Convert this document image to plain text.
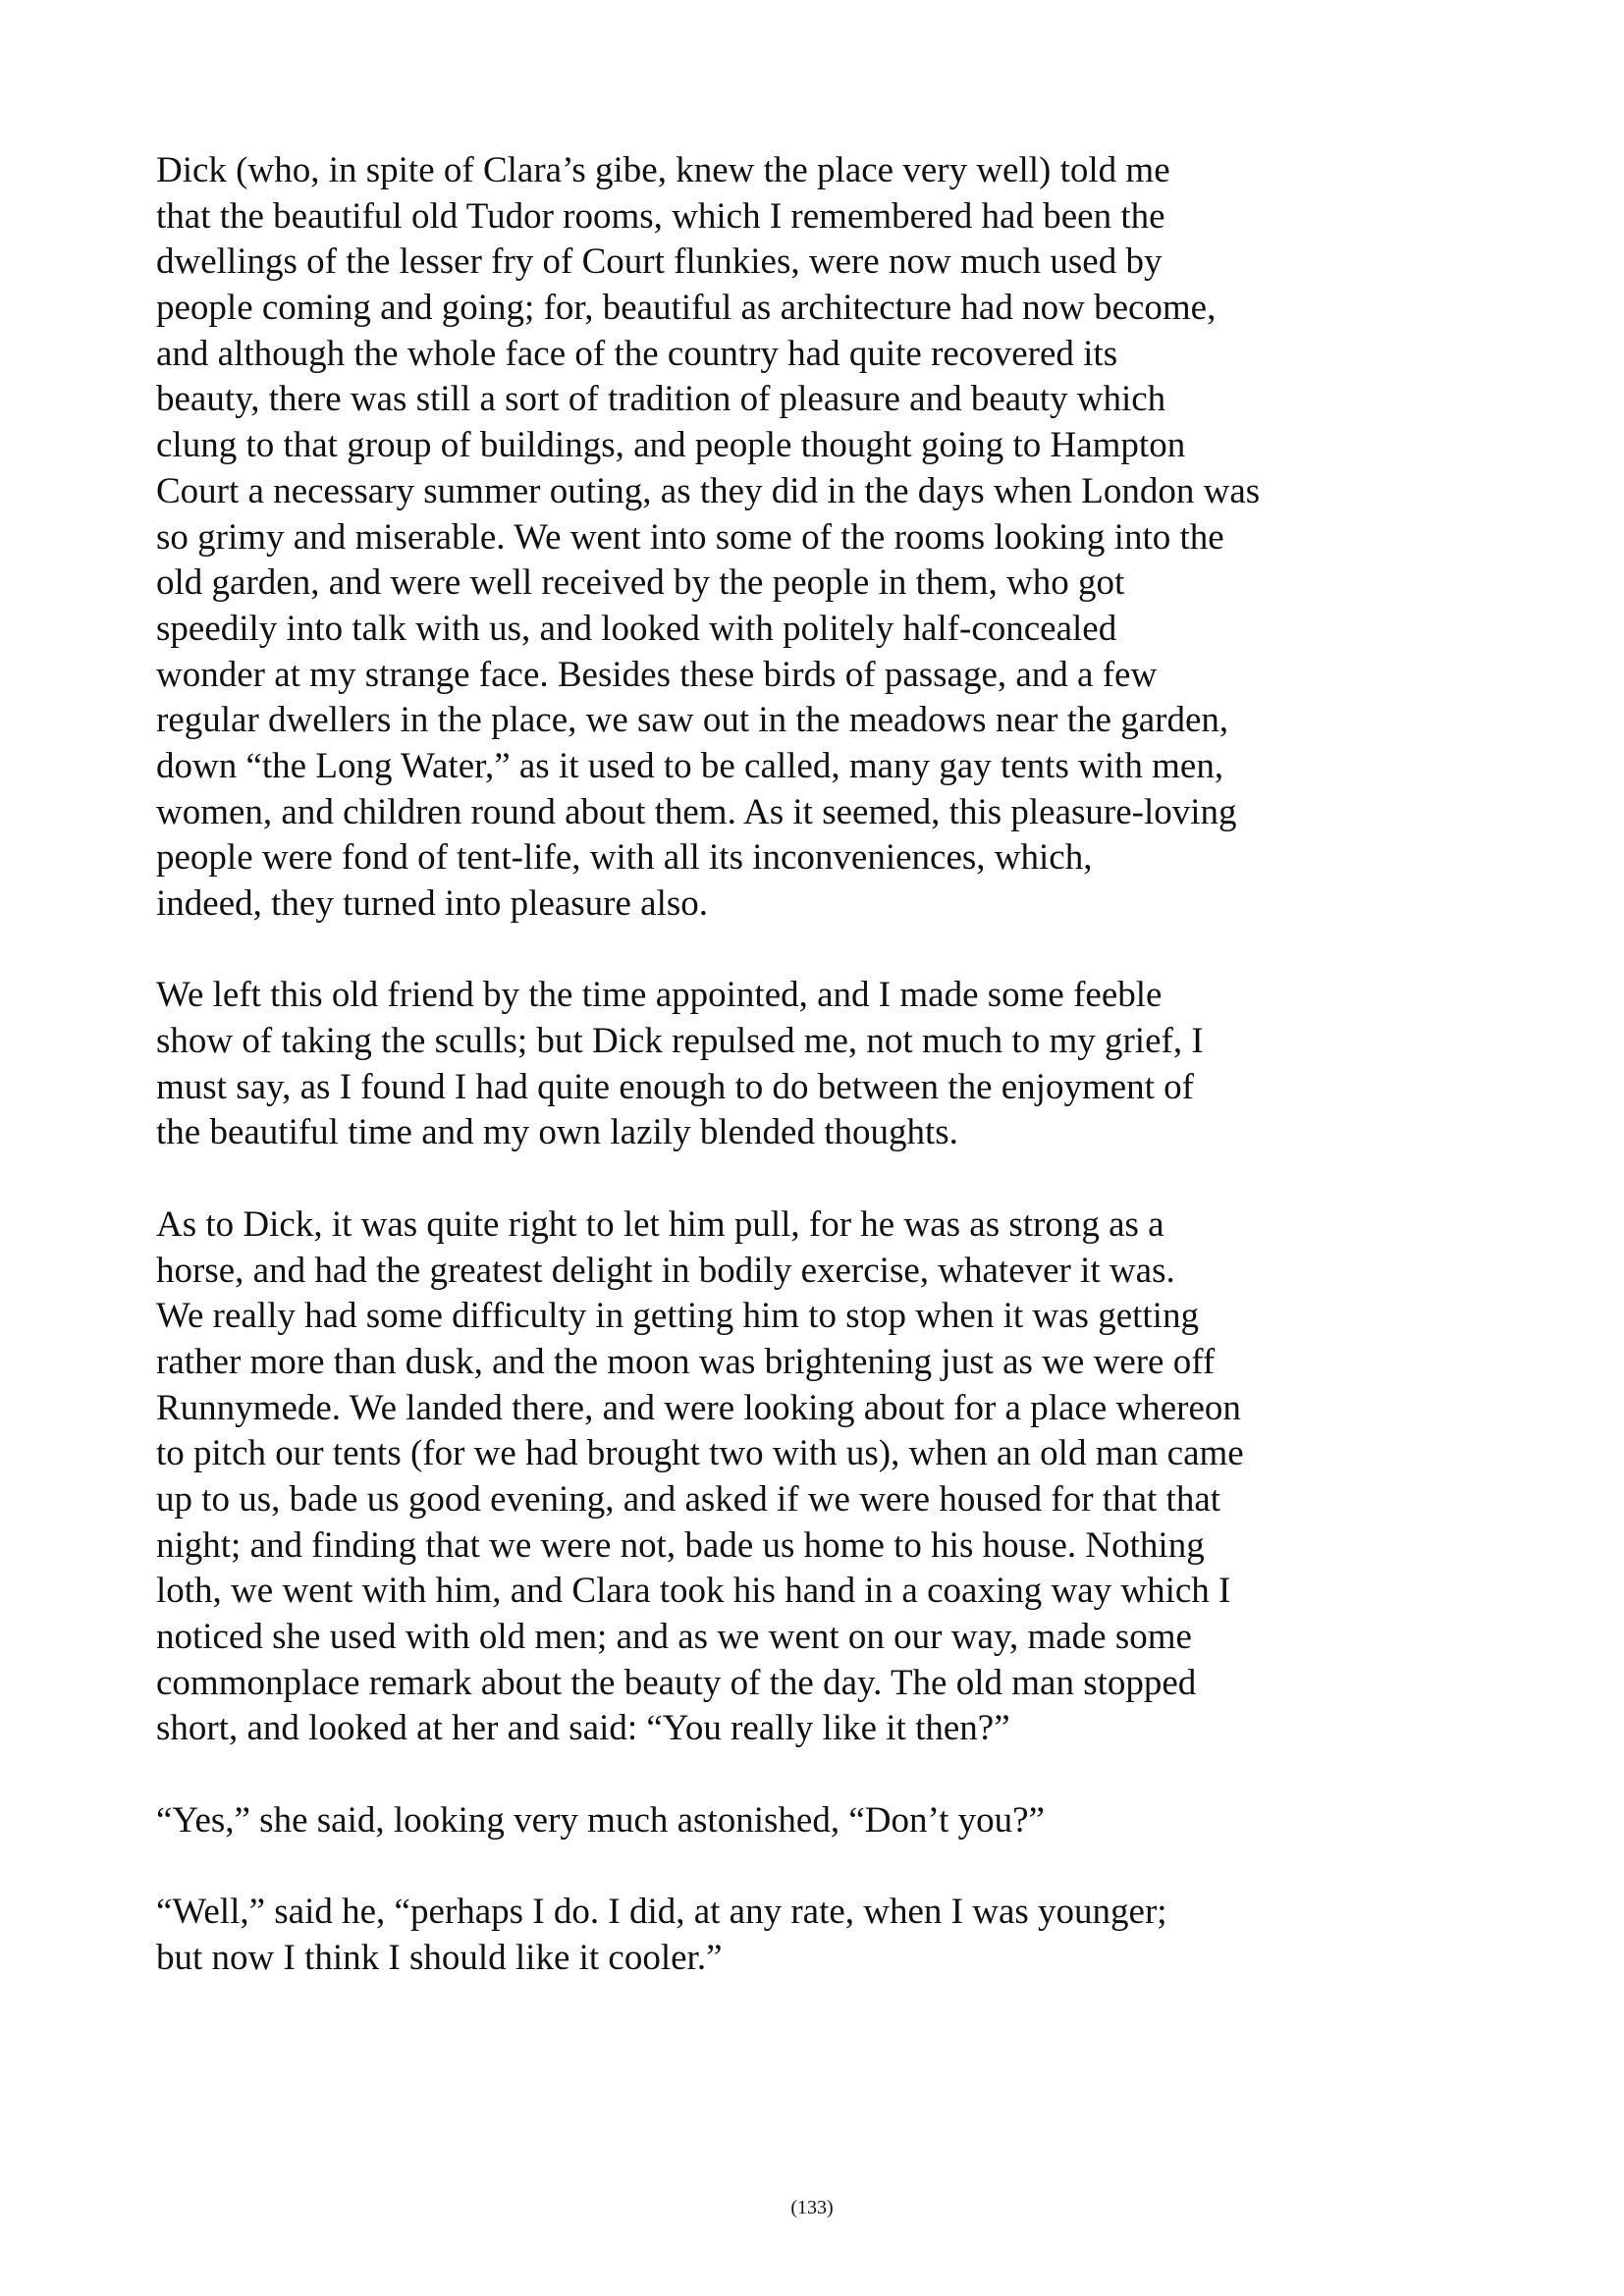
Dick (who, in spite of Clara’s gibe, knew the place very well) told me
that the beautiful old Tudor rooms, which I remembered had been the
dwellings of the lesser fry of Court flunkies, were now much used by
people coming and going; for, beautiful as architecture had now become,
and although the whole face of the country had quite recovered its
beauty, there was still a sort of tradition of pleasure and beauty which
clung to that group of buildings, and people thought going to Hampton
Court a necessary summer outing, as they did in the days when London was
so grimy and miserable. We went into some of the rooms looking into the
old garden, and were well received by the people in them, who got
speedily into talk with us, and looked with politely half-concealed
wonder at my strange face. Besides these birds of passage, and a few
regular dwellers in the place, we saw out in the meadows near the garden,
down “the Long Water,” as it used to be called, many gay tents with men,
women, and children round about them. As it seemed, this pleasure-loving
people were fond of tent-life, with all its inconveniences, which,
indeed, they turned into pleasure also.

We left this old friend by the time appointed, and I made some feeble
show of taking the sculls; but Dick repulsed me, not much to my grief, I
must say, as I found I had quite enough to do between the enjoyment of
the beautiful time and my own lazily blended thoughts.

As to Dick, it was quite right to let him pull, for he was as strong as a
horse, and had the greatest delight in bodily exercise, whatever it was.
We really had some difficulty in getting him to stop when it was getting
rather more than dusk, and the moon was brightening just as we were off
Runnymede. We landed there, and were looking about for a place whereon
to pitch our tents (for we had brought two with us), when an old man came
up to us, bade us good evening, and asked if we were housed for that that
night; and finding that we were not, bade us home to his house. Nothing
loth, we went with him, and Clara took his hand in a coaxing way which I
noticed she used with old men; and as we went on our way, made some
commonplace remark about the beauty of the day. The old man stopped
short, and looked at her and said: “You really like it then?”

“Yes,” she said, looking very much astonished, “Don’t you?”

“Well,” said he, “perhaps I do. I did, at any rate, when I was younger;
but now I think I should like it cooler.”

(133)
